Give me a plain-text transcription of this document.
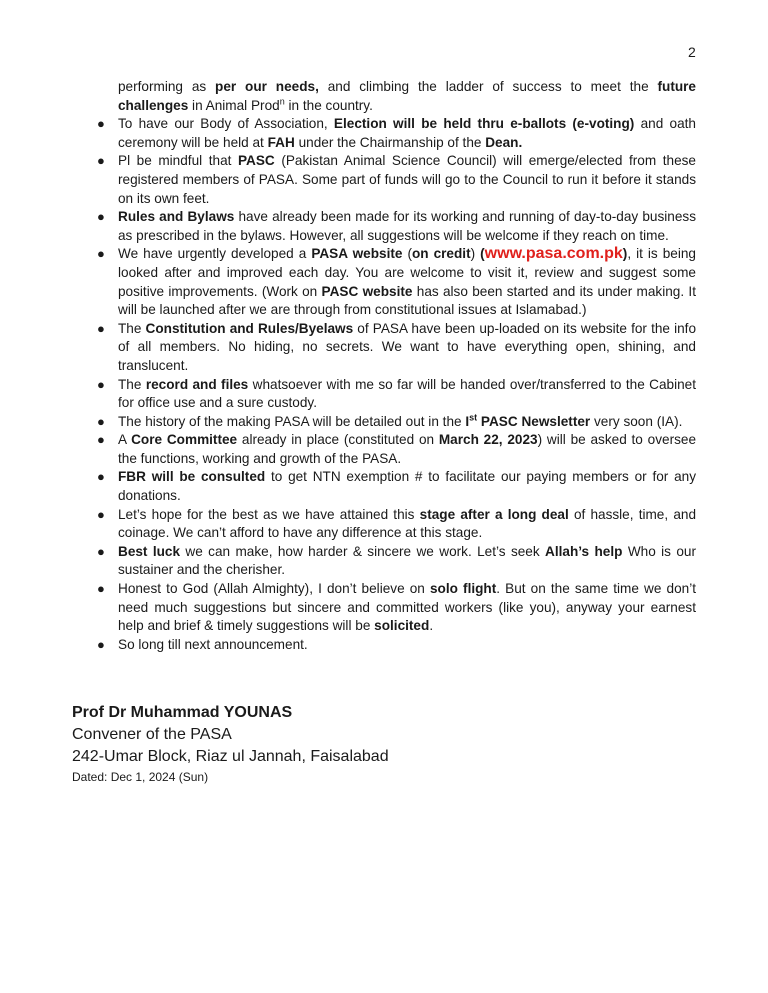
2

performing as per our needs, and climbing the ladder of success to meet the future challenges in Animal Prod$^n$ in the country.

● To have our Body of Association, Election will be held thru e-ballots (e-voting) and oath ceremony will be held at FAH under the Chairmanship of the Dean.
● Pl be mindful that PASC (Pakistan Animal Science Council) will emerge/elected from these registered members of PASA. Some part of funds will go to the Council to run it before it stands on its own feet.
● Rules and Bylaws have already been made for its working and running of day-to-day business as prescribed in the bylaws. However, all suggestions will be welcome if they reach on time.
● We have urgently developed a PASA website (on credit) (www.pasa.com.pk), it is being looked after and improved each day. You are welcome to visit it, review and suggest some positive improvements. (Work on PASC website has also been started and its under making. It will be launched after we are through from constitutional issues at Islamabad.)
● The Constitution and Rules/Byelaws of PASA have been up-loaded on its website for the info of all members. No hiding, no secrets. We want to have everything open, shining, and translucent.
● The record and files whatsoever with me so far will be handed over/transferred to the Cabinet for office use and a sure custody.
● The history of the making PASA will be detailed out in the Ist PASC Newsletter very soon (IA).
● A Core Committee already in place (constituted on March 22, 2023) will be asked to oversee the functions, working and growth of the PASA.
● FBR will be consulted to get NTN exemption # to facilitate our paying members or for any donations.
● Let’s hope for the best as we have attained this stage after a long deal of hassle, time, and coinage. We can’t afford to have any difference at this stage.
● Best luck we can make, how harder & sincere we work. Let’s seek Allah’s help Who is our sustainer and the cherisher.
● Honest to God (Allah Almighty), I don’t believe on solo flight. But on the same time we don’t need much suggestions but sincere and committed workers (like you), anyway your earnest help and brief & timely suggestions will be solicited.
● So long till next announcement.
Prof Dr Muhammad YOUNAS
Convener of the PASA
242-Umar Block, Riaz ul Jannah, Faisalabad
Dated: Dec 1, 2024 (Sun)
